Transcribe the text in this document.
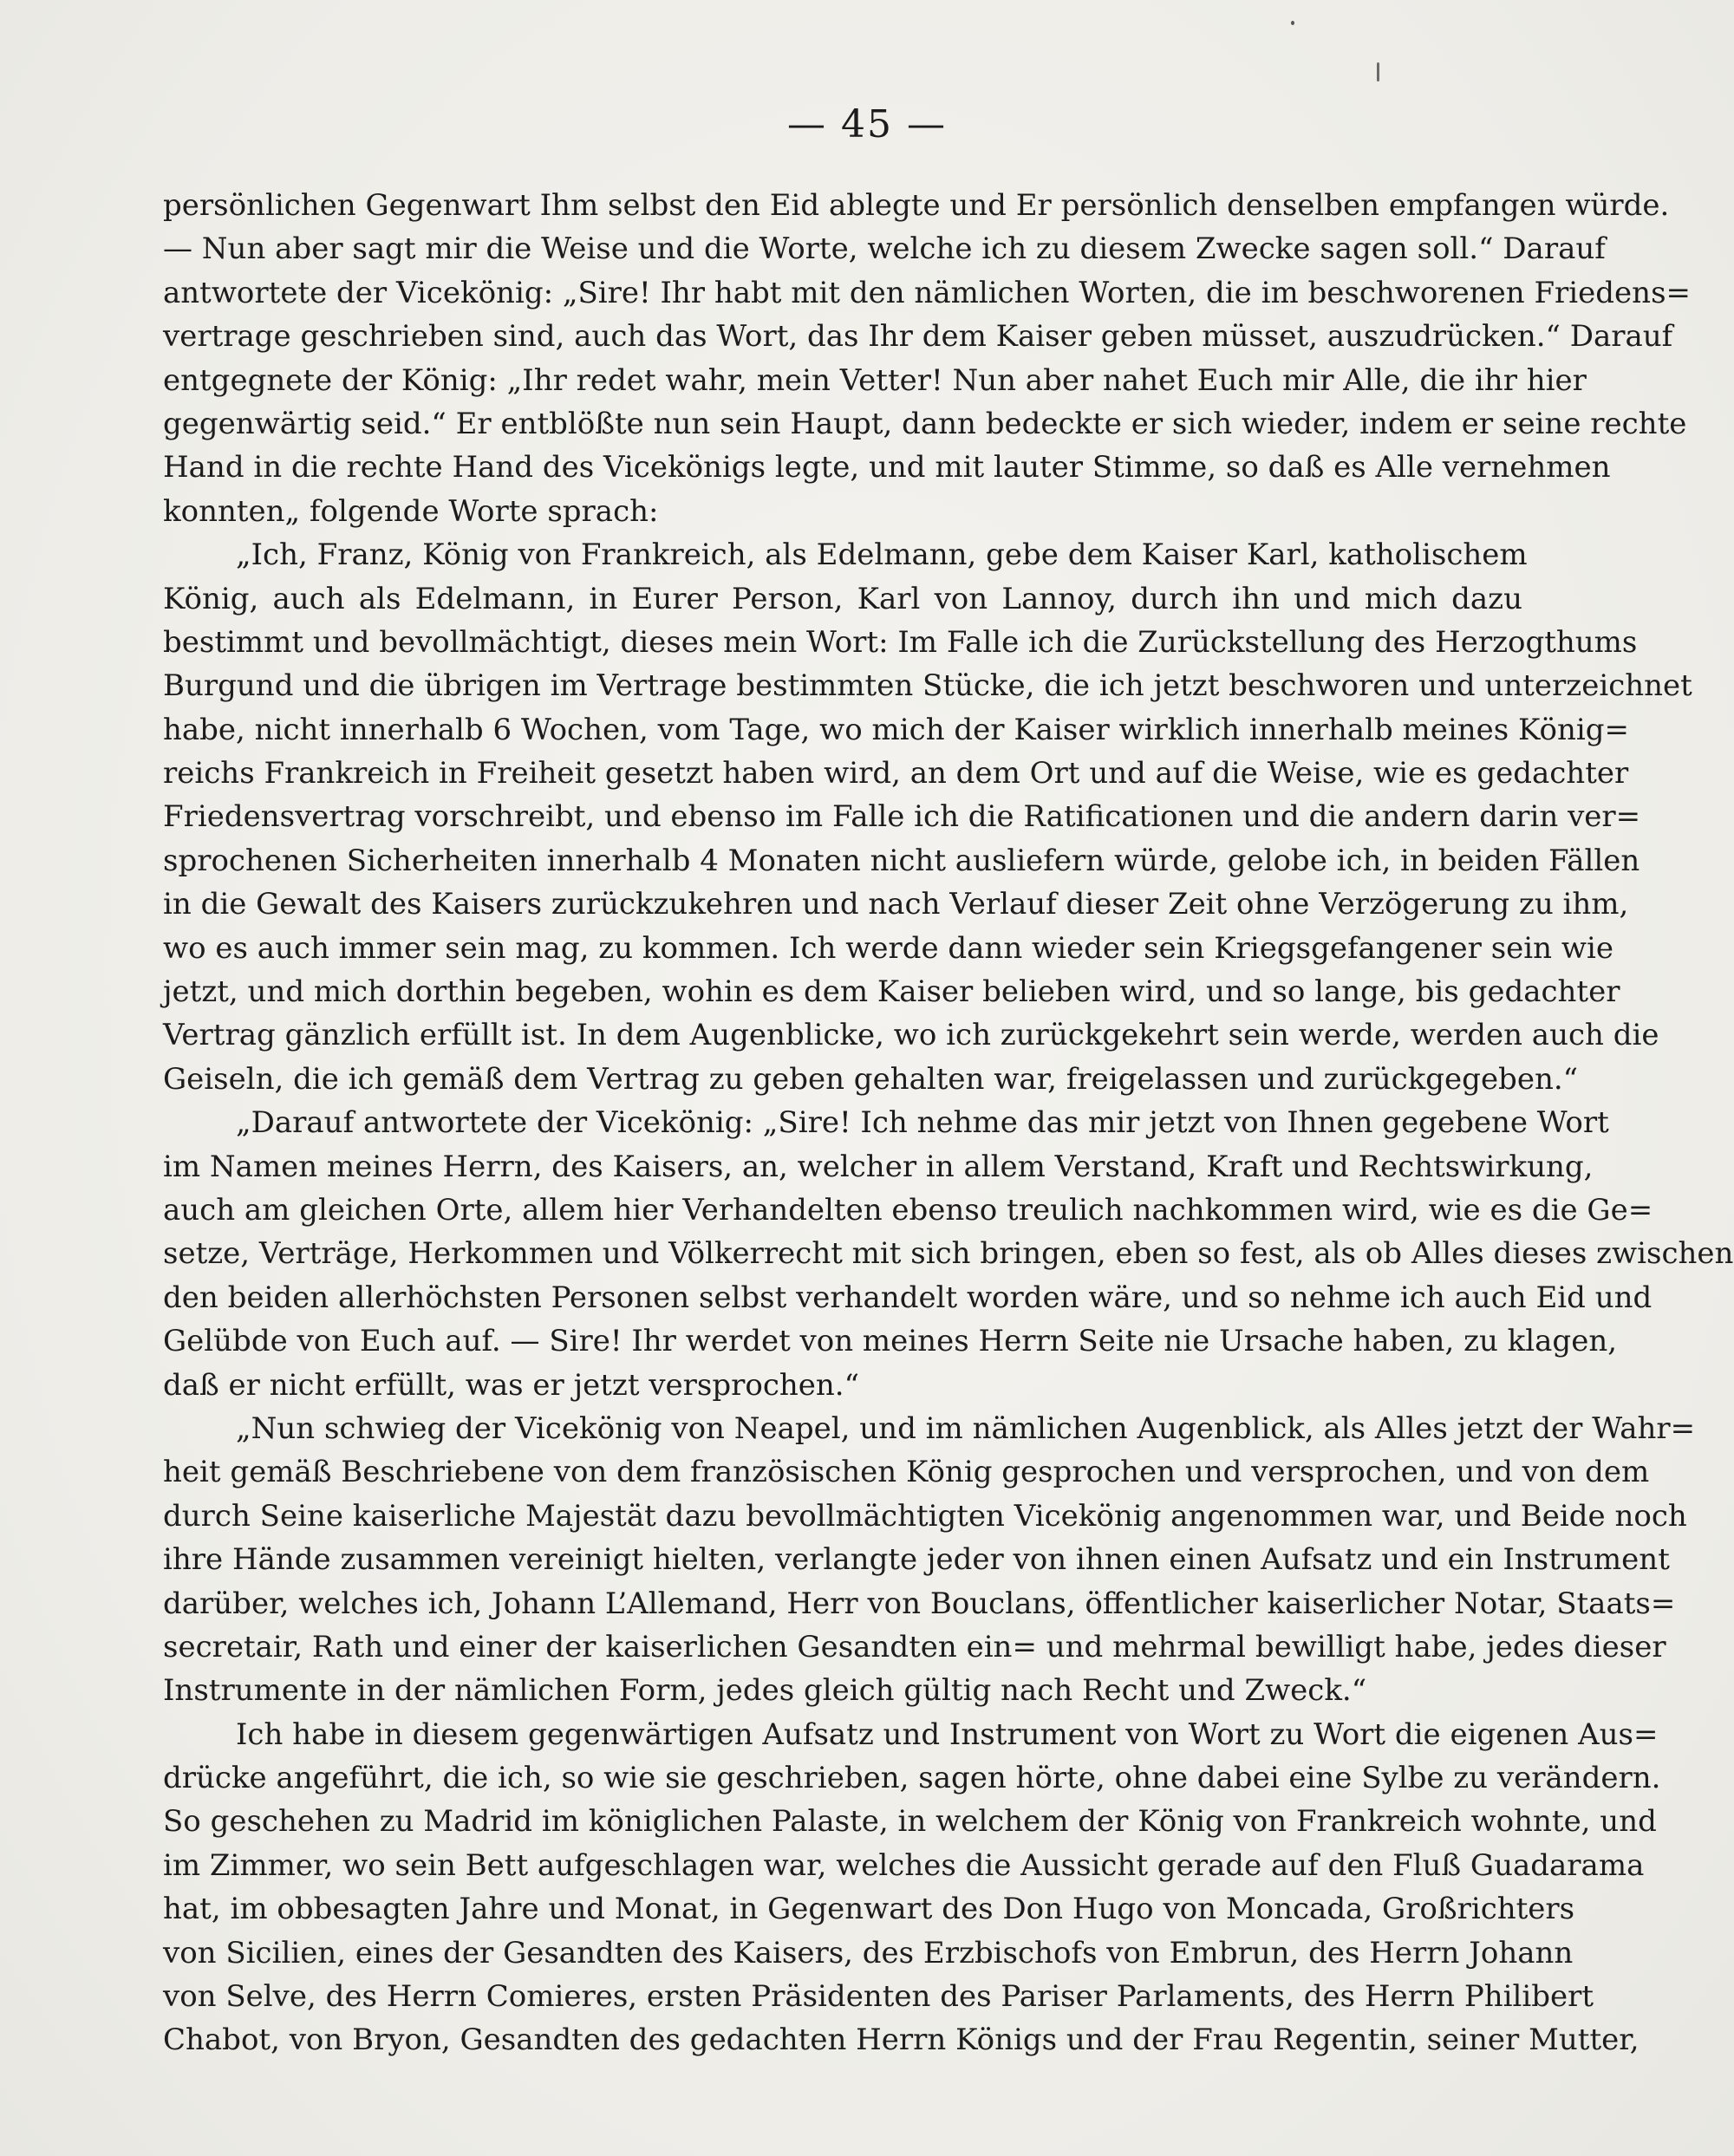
— 45 —
persönlichen Gegenwart Ihm selbst den Eid ablegte und Er persönlich denselben empfangen würde.
— Nun aber sagt mir die Weise und die Worte, welche ich zu diesem Zwecke sagen soll.“ Darauf
antwortete der Vicekönig: „Sire! Ihr habt mit den nämlichen Worten, die im beschworenen Friedens=
vertrage geschrieben sind, auch das Wort, das Ihr dem Kaiser geben müsset, auszudrücken.“ Darauf
entgegnete der König: „Ihr redet wahr, mein Vetter! Nun aber nahet Euch mir Alle, die ihr hier
gegenwärtig seid.“ Er entblößte nun sein Haupt, dann bedeckte er sich wieder, indem er seine rechte
Hand in die rechte Hand des Vicekönigs legte, und mit lauter Stimme, so daß es Alle vernehmen
konnten„ folgende Worte sprach:
„Ich, Franz, König von Frankreich, als Edelmann, gebe dem Kaiser Karl, katholischem
König, auch als Edelmann, in Eurer Person, Karl von Lannoy, durch ihn und mich dazu
bestimmt und bevollmächtigt, dieses mein Wort: Im Falle ich die Zurückstellung des Herzogthums
Burgund und die übrigen im Vertrage bestimmten Stücke, die ich jetzt beschworen und unterzeichnet
habe, nicht innerhalb 6 Wochen, vom Tage, wo mich der Kaiser wirklich innerhalb meines König=
reichs Frankreich in Freiheit gesetzt haben wird, an dem Ort und auf die Weise, wie es gedachter
Friedensvertrag vorschreibt, und ebenso im Falle ich die Ratificationen und die andern darin ver=
sprochenen Sicherheiten innerhalb 4 Monaten nicht ausliefern würde, gelobe ich, in beiden Fällen
in die Gewalt des Kaisers zurückzukehren und nach Verlauf dieser Zeit ohne Verzögerung zu ihm,
wo es auch immer sein mag, zu kommen. Ich werde dann wieder sein Kriegsgefangener sein wie
jetzt, und mich dorthin begeben, wohin es dem Kaiser belieben wird, und so lange, bis gedachter
Vertrag gänzlich erfüllt ist. In dem Augenblicke, wo ich zurückgekehrt sein werde, werden auch die
Geiseln, die ich gemäß dem Vertrag zu geben gehalten war, freigelassen und zurückgegeben.“
„Darauf antwortete der Vicekönig: „Sire! Ich nehme das mir jetzt von Ihnen gegebene Wort
im Namen meines Herrn, des Kaisers, an, welcher in allem Verstand, Kraft und Rechtswirkung,
auch am gleichen Orte, allem hier Verhandelten ebenso treulich nachkommen wird, wie es die Ge=
setze, Verträge, Herkommen und Völkerrecht mit sich bringen, eben so fest, als ob Alles dieses zwischen
den beiden allerhöchsten Personen selbst verhandelt worden wäre, und so nehme ich auch Eid und
Gelübde von Euch auf. — Sire! Ihr werdet von meines Herrn Seite nie Ursache haben, zu klagen,
daß er nicht erfüllt, was er jetzt versprochen.“
„Nun schwieg der Vicekönig von Neapel, und im nämlichen Augenblick, als Alles jetzt der Wahr=
heit gemäß Beschriebene von dem französischen König gesprochen und versprochen, und von dem
durch Seine kaiserliche Majestät dazu bevollmächtigten Vicekönig angenommen war, und Beide noch
ihre Hände zusammen vereinigt hielten, verlangte jeder von ihnen einen Aufsatz und ein Instrument
darüber, welches ich, Johann L’Allemand, Herr von Bouclans, öffentlicher kaiserlicher Notar, Staats=
secretair, Rath und einer der kaiserlichen Gesandten ein= und mehrmal bewilligt habe, jedes dieser
Instrumente in der nämlichen Form, jedes gleich gültig nach Recht und Zweck.“
Ich habe in diesem gegenwärtigen Aufsatz und Instrument von Wort zu Wort die eigenen Aus=
drücke angeführt, die ich, so wie sie geschrieben, sagen hörte, ohne dabei eine Sylbe zu verändern.
So geschehen zu Madrid im königlichen Palaste, in welchem der König von Frankreich wohnte, und
im Zimmer, wo sein Bett aufgeschlagen war, welches die Aussicht gerade auf den Fluß Guadarama
hat, im obbesagten Jahre und Monat, in Gegenwart des Don Hugo von Moncada, Großrichters
von Sicilien, eines der Gesandten des Kaisers, des Erzbischofs von Embrun, des Herrn Johann
von Selve, des Herrn Comieres, ersten Präsidenten des Pariser Parlaments, des Herrn Philibert
Chabot, von Bryon, Gesandten des gedachten Herrn Königs und der Frau Regentin, seiner Mutter,
